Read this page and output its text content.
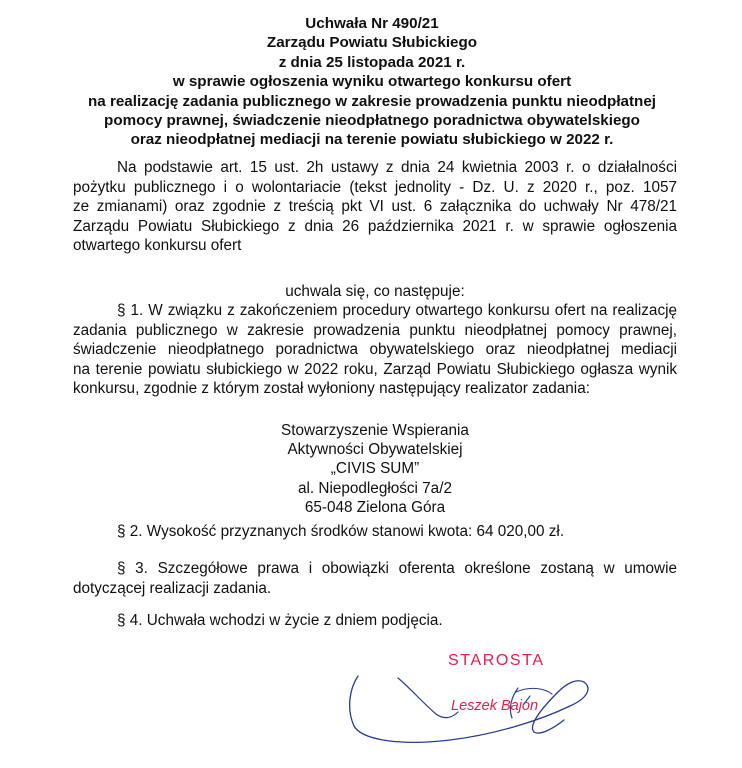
Uchwała Nr 490/21
Zarządu Powiatu Słubickiego
z dnia 25 listopada 2021 r.
w sprawie ogłoszenia wyniku otwartego konkursu ofert
na realizację zadania publicznego w zakresie prowadzenia punktu nieodpłatnej
pomocy prawnej, świadczenie nieodpłatnego poradnictwa obywatelskiego
oraz nieodpłatnej mediacji na terenie powiatu słubickiego w 2022 r.
Na podstawie art. 15 ust. 2h ustawy z dnia 24 kwietnia 2003 r. o działalności
pożytku publicznego i o wolontariacie (tekst jednolity - Dz. U. z 2020 r., poz. 1057
ze zmianami) oraz zgodnie z treścią pkt VI ust. 6 załącznika do uchwały Nr 478/21
Zarządu Powiatu Słubickiego z dnia 26 października 2021 r. w sprawie ogłoszenia
otwartego konkursu ofert
uchwala się, co następuje:
§ 1. W związku z zakończeniem procedury otwartego konkursu ofert na realizację
zadania publicznego w zakresie prowadzenia punktu nieodpłatnej pomocy prawnej,
świadczenie nieodpłatnego poradnictwa obywatelskiego oraz nieodpłatnej mediacji
na terenie powiatu słubickiego w 2022 roku, Zarząd Powiatu Słubickiego ogłasza wynik
konkursu, zgodnie z którym został wyłoniony następujący realizator zadania:
Stowarzyszenie Wspierania
Aktywności Obywatelskiej
„CIVIS SUM”
al. Niepodległości 7a/2
65-048 Zielona Góra
§ 2. Wysokość przyznanych środków stanowi kwota: 64 020,00 zł.
§ 3. Szczegółowe prawa i obowiązki oferenta określone zostaną w umowie
dotyczącej realizacji zadania.
§ 4. Uchwała wchodzi w życie z dniem podjęcia.
STAROSTA
Leszek Bajon
